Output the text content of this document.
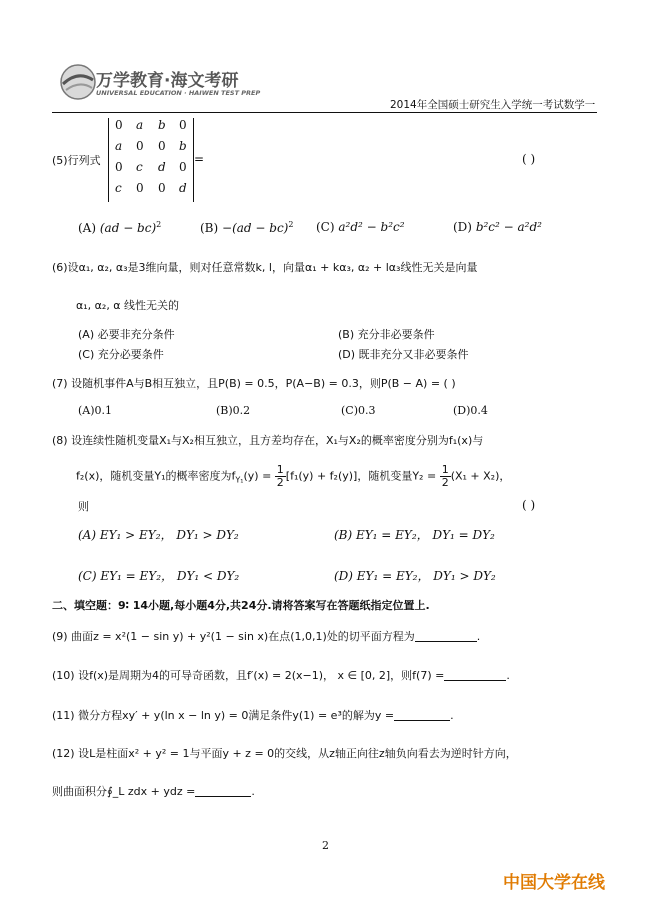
万学教育·海文考研
UNIVERSAL EDUCATION · HAIWEN TEST PREP
2014年全国硕士研究生入学统一考试数学一
(5)行列式
0 a b 0
a 0 0 b
0 c d 0
c 0 0 d
=	( )
(A) (ad − bc)$^2$	(B) −(ad − bc)$^2$ (C) a²d² − b²c²	(D) b²c² − a²d²
(6)设α₁, α₂, α₃是3维向量，则对任意常数k, l，向量α₁ + kα₃, α₂ + lα₃线性无关是向量
α₁, α₂, α 线性无关的
(A) 必要非充分条件	(B) 充分非必要条件
(C) 充分必要条件	(D) 既非充分又非必要条件
(7) 设随机事件A与B相互独立，且P(B) = 0.5，P(A−B) = 0.3，则P(B − A) = ( )
(A)0.1	(B)0.2	(C)0.3	(D)0.4
(8) 设连续性随机变量X₁与X₂相互独立，且方差均存在，X₁与X₂的概率密度分别为f₁(x)与
f₂(x)，随机变量Y₁的概率密度为$f_{Y_1}(y) = \frac{1}{2} [f_1(y) + f_2(y)]$，随机变量$Y_2 = \frac{1}{2} (X_1 + X_2)$，
则	( )
(A) EY₁ > EY₂， DY₁ > DY₂	(B) EY₁ = EY₂， DY₁ = DY₂
(C) EY₁ = EY₂， DY₁ < DY₂	(D) EY₁ = EY₂， DY₁ > DY₂
二、填空题：9∶ 14小题,每小题4分,共24分.请将答案写在答题纸指定位置上.
(9) 曲面z = x²(1 − sin y) + y²(1 − sin x)在点(1,0,1)处的切平面方程为	.
(10) 设f(x)是周期为4的可导奇函数，且f′(x) = 2(x−1)， x ∈ [0, 2]，则f(7) =	.
(11) 微分方程xy′ + y(ln x − ln y) = 0满足条件y(1) = e³的解为y =	.
(12) 设L是柱面x² + y² = 1与平面y + z = 0的交线，从z轴正向往z轴负向看去为逆时针方向，
则曲面积分∮_L zdx + ydz =	.
2
中国大学在线
